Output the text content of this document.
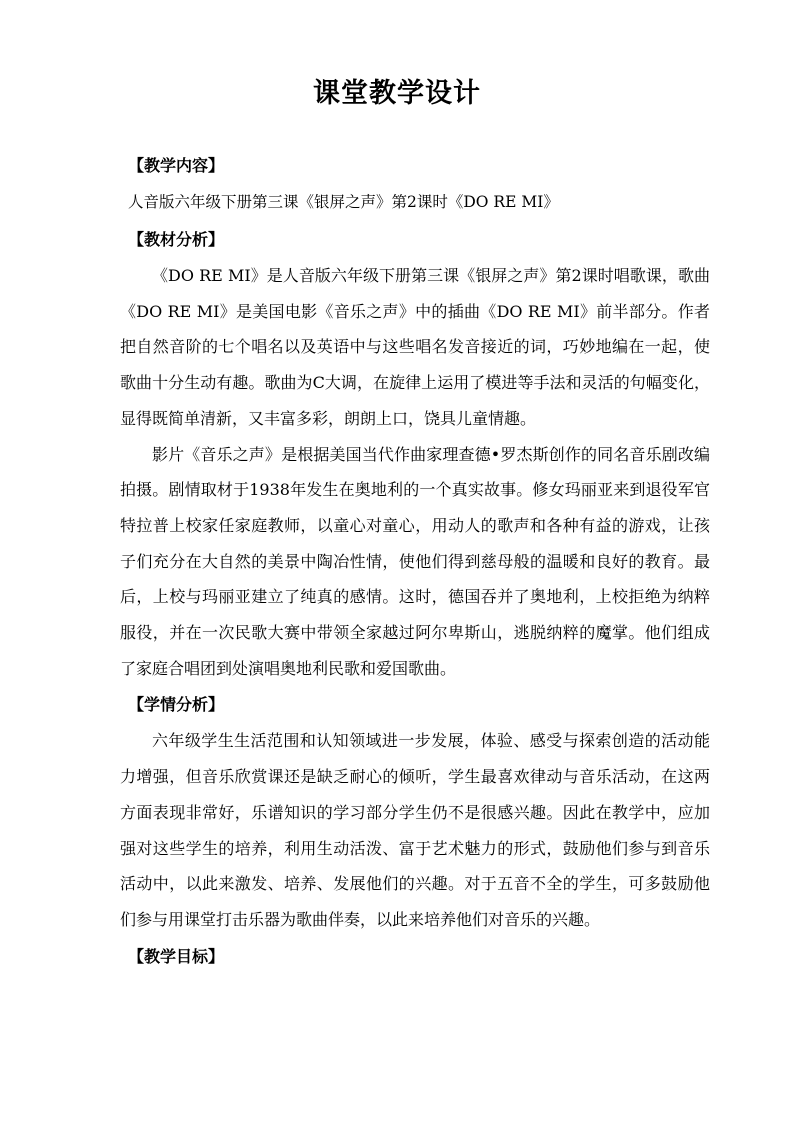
课堂教学设计

【教学内容】

人音版六年级下册第三课《银屏之声》第2课时《DO RE MI》

【教材分析】

《DO RE MI》是人音版六年级下册第三课《银屏之声》第2课时唱歌课，歌曲《DO RE MI》是美国电影《音乐之声》中的插曲《DO RE MI》前半部分。作者把自然音阶的七个唱名以及英语中与这些唱名发音接近的词，巧妙地编在一起，使歌曲十分生动有趣。歌曲为C大调，在旋律上运用了模进等手法和灵活的句幅变化，显得既简单清新，又丰富多彩，朗朗上口，饶具儿童情趣。

影片《音乐之声》是根据美国当代作曲家理查德•罗杰斯创作的同名音乐剧改编拍摄。剧情取材于1938年发生在奥地利的一个真实故事。修女玛丽亚来到退役军官特拉普上校家任家庭教师，以童心对童心，用动人的歌声和各种有益的游戏，让孩子们充分在大自然的美景中陶冶性情，使他们得到慈母般的温暖和良好的教育。最后，上校与玛丽亚建立了纯真的感情。这时，德国吞并了奥地利，上校拒绝为纳粹服役，并在一次民歌大赛中带领全家越过阿尔卑斯山，逃脱纳粹的魔掌。他们组成了家庭合唱团到处演唱奥地利民歌和爱国歌曲。

【学情分析】

六年级学生生活范围和认知领域进一步发展，体验、感受与探索创造的活动能力增强，但音乐欣赏课还是缺乏耐心的倾听，学生最喜欢律动与音乐活动，在这两方面表现非常好，乐谱知识的学习部分学生仍不是很感兴趣。因此在教学中，应加强对这些学生的培养，利用生动活泼、富于艺术魅力的形式，鼓励他们参与到音乐活动中，以此来激发、培养、发展他们的兴趣。对于五音不全的学生，可多鼓励他们参与用课堂打击乐器为歌曲伴奏，以此来培养他们对音乐的兴趣。

【教学目标】
